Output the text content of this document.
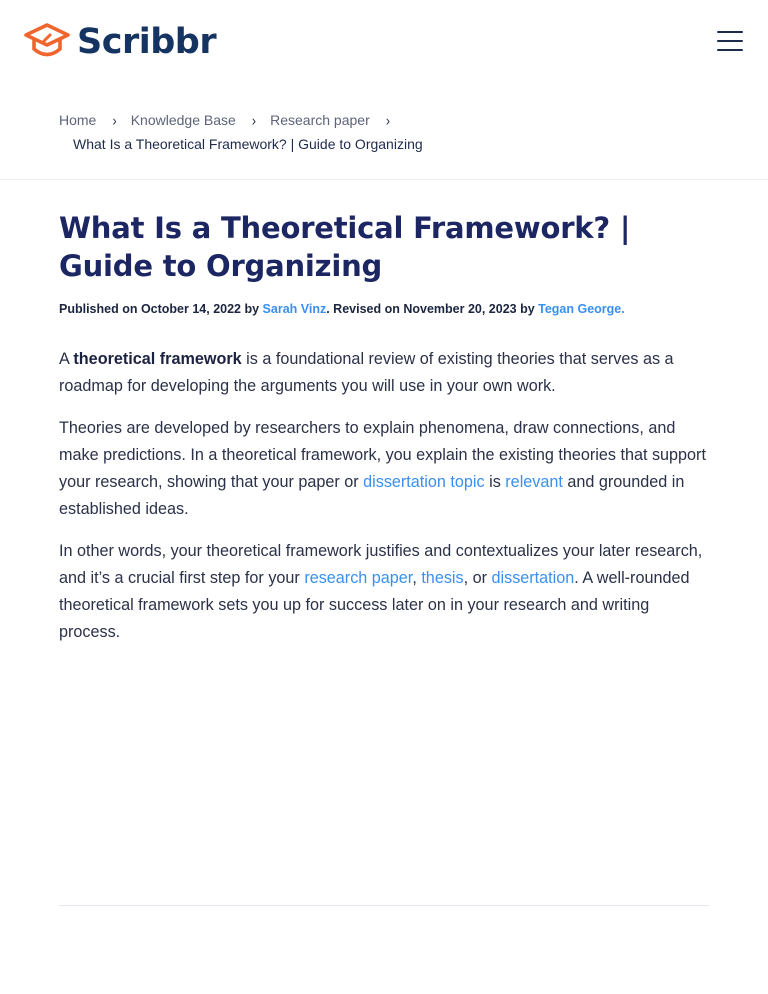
Scribbr
Home › Knowledge Base › Research paper ›
What Is a Theoretical Framework? | Guide to Organizing
What Is a Theoretical Framework? | Guide to Organizing
Published on October 14, 2022 by Sarah Vinz. Revised on November 20, 2023 by Tegan George.

A theoretical framework is a foundational review of existing theories that serves as a roadmap for developing the arguments you will use in your own work.

Theories are developed by researchers to explain phenomena, draw connections, and make predictions. In a theoretical framework, you explain the existing theories that support your research, showing that your paper or dissertation topic is relevant and grounded in established ideas.

In other words, your theoretical framework justifies and contextualizes your later research, and it’s a crucial first step for your research paper, thesis, or dissertation. A well-rounded theoretical framework sets you up for success later on in your research and writing process.
